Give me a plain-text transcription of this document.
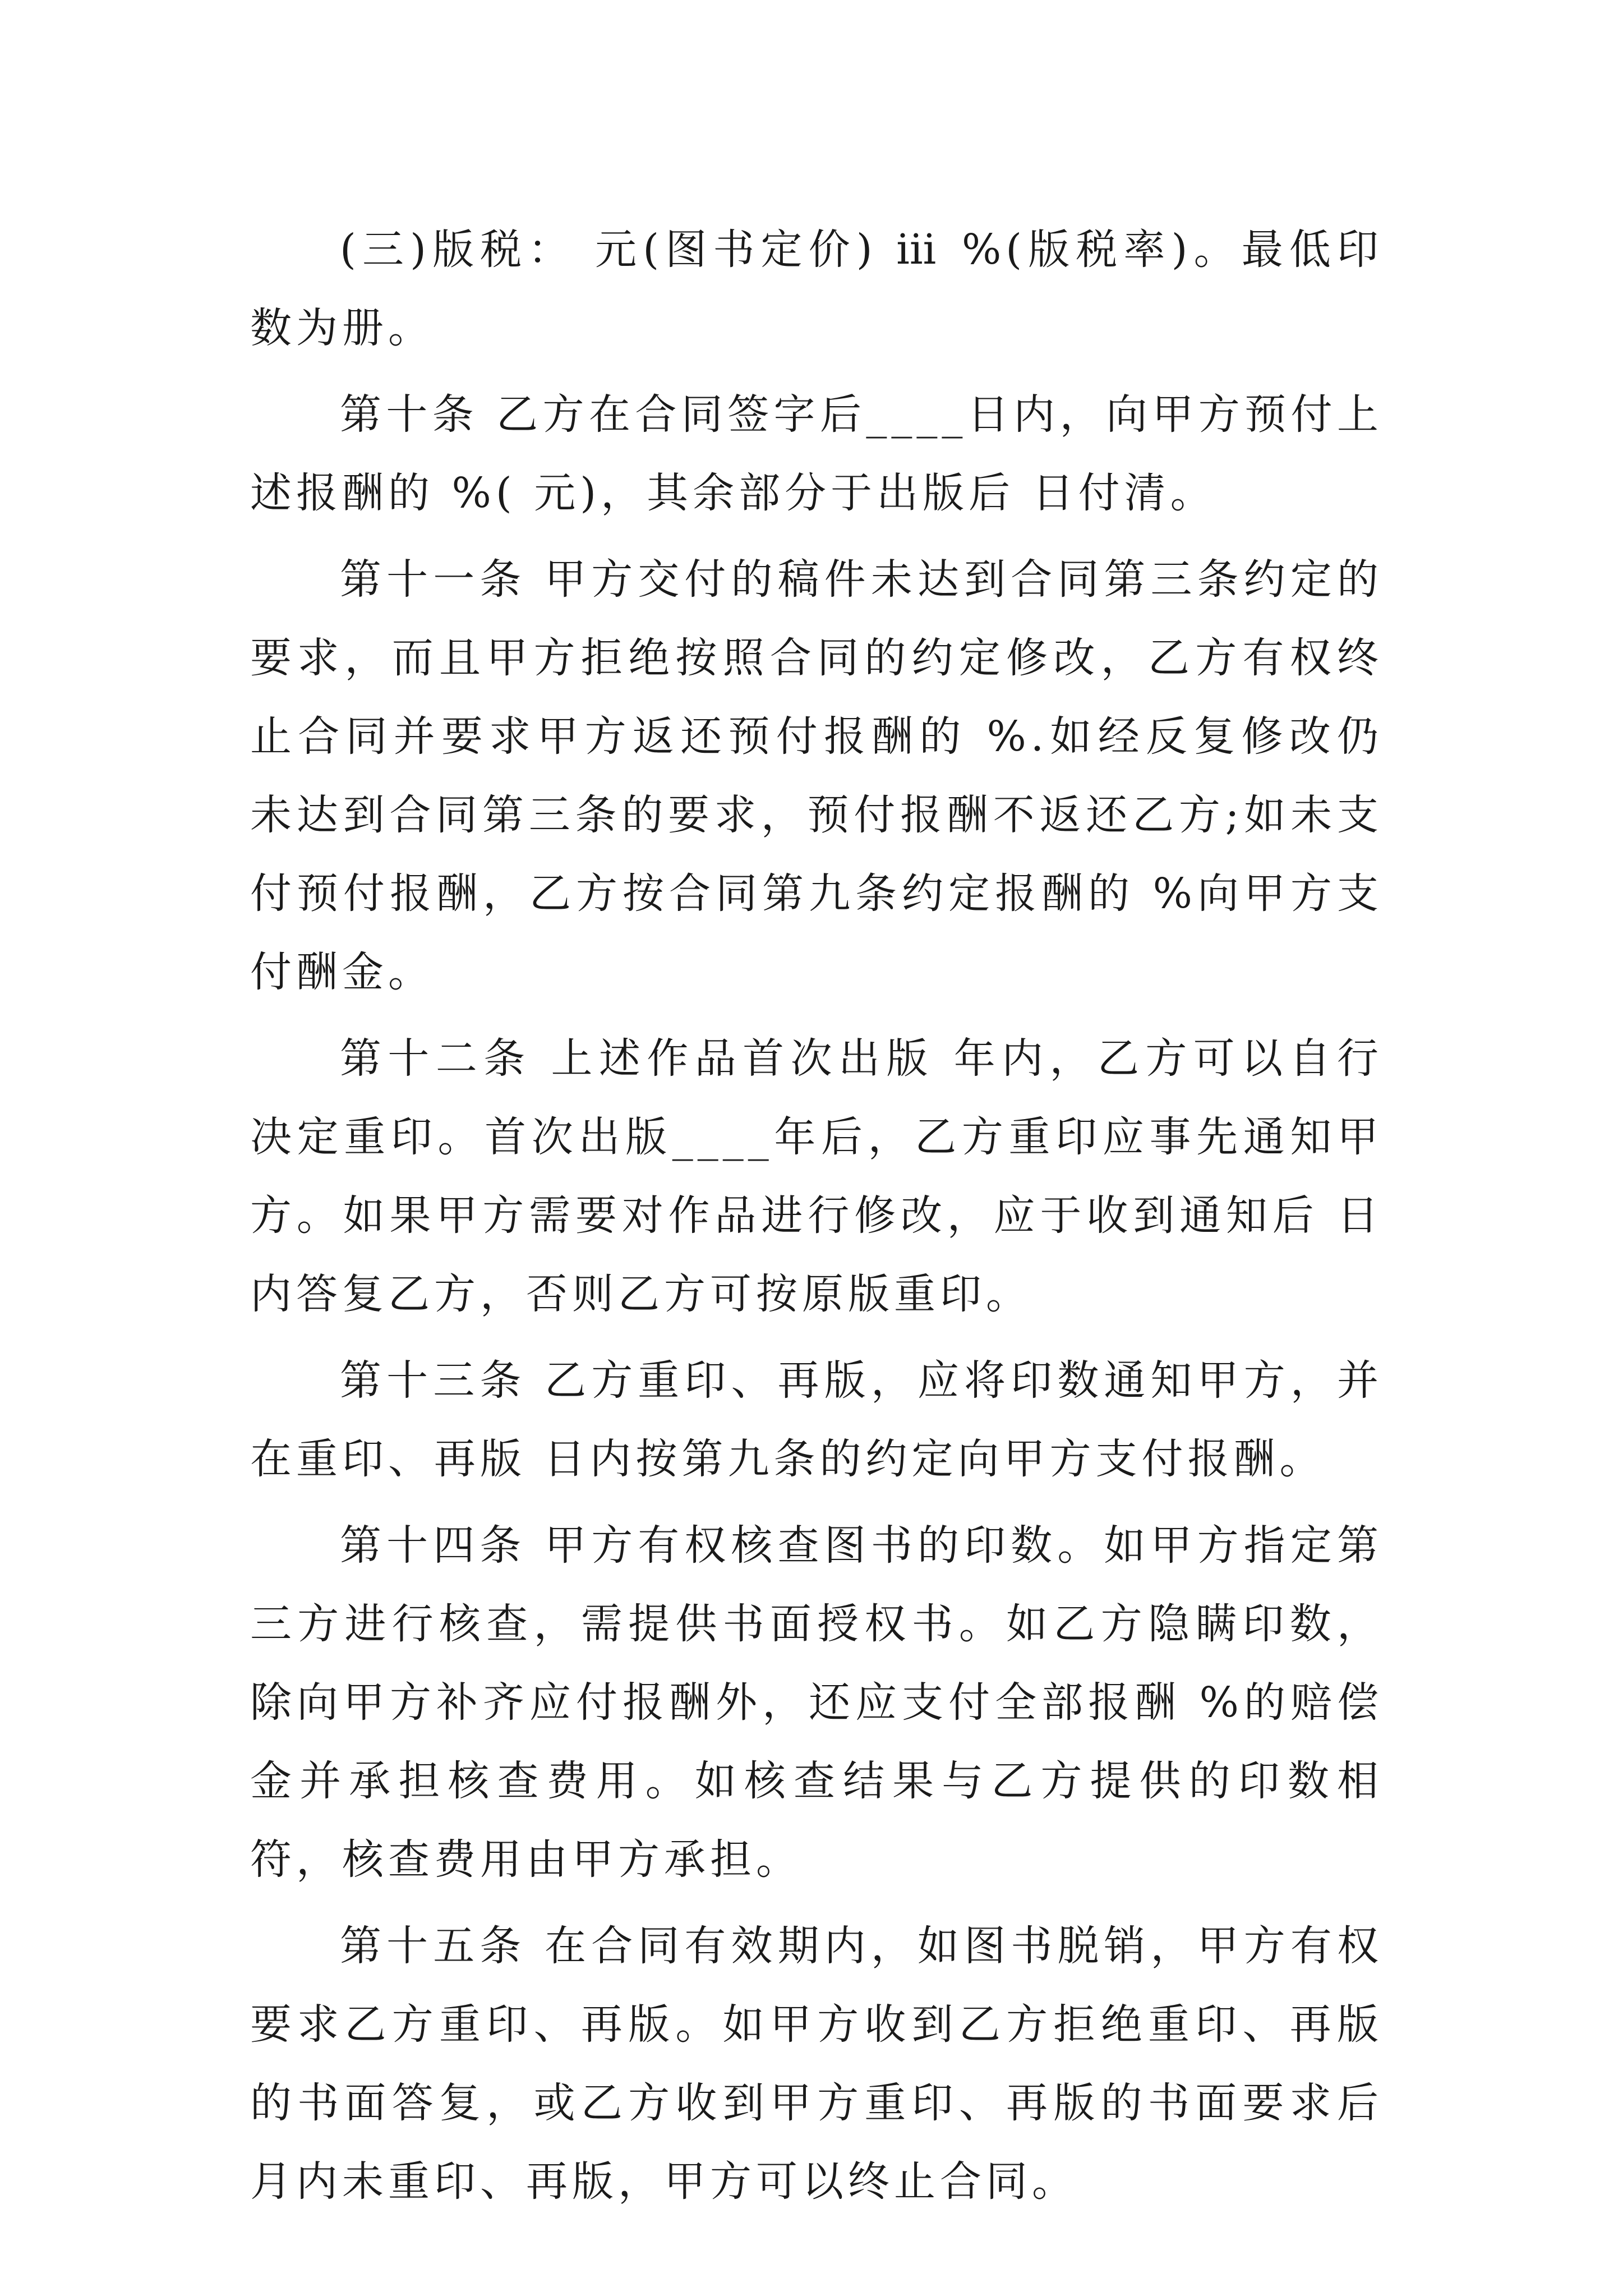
(三)版税： 元(图书定价) ⅲ %(版税率)。最低印数为册。

第十条 乙方在合同签字后____日内，向甲方预付上述报酬的 %( 元)，其余部分于出版后 日付清。

第十一条 甲方交付的稿件未达到合同第三条约定的要求，而且甲方拒绝按照合同的约定修改，乙方有权终止合同并要求甲方返还预付报酬的 %.如经反复修改仍未达到合同第三条的要求，预付报酬不返还乙方;如未支付预付报酬，乙方按合同第九条约定报酬的 %向甲方支付酬金。

第十二条 上述作品首次出版 年内，乙方可以自行决定重印。首次出版____年后，乙方重印应事先通知甲方。如果甲方需要对作品进行修改，应于收到通知后 日内答复乙方，否则乙方可按原版重印。

第十三条 乙方重印、再版，应将印数通知甲方，并在重印、再版 日内按第九条的约定向甲方支付报酬。

第十四条 甲方有权核查图书的印数。如甲方指定第三方进行核查，需提供书面授权书。如乙方隐瞒印数，除向甲方补齐应付报酬外，还应支付全部报酬 %的赔偿金并承担核查费用。如核查结果与乙方提供的印数相符，核查费用由甲方承担。

第十五条 在合同有效期内，如图书脱销，甲方有权要求乙方重印、再版。如甲方收到乙方拒绝重印、再版的书面答复，或乙方收到甲方重印、再版的书面要求后 月内未重印、再版，甲方可以终止合同。
